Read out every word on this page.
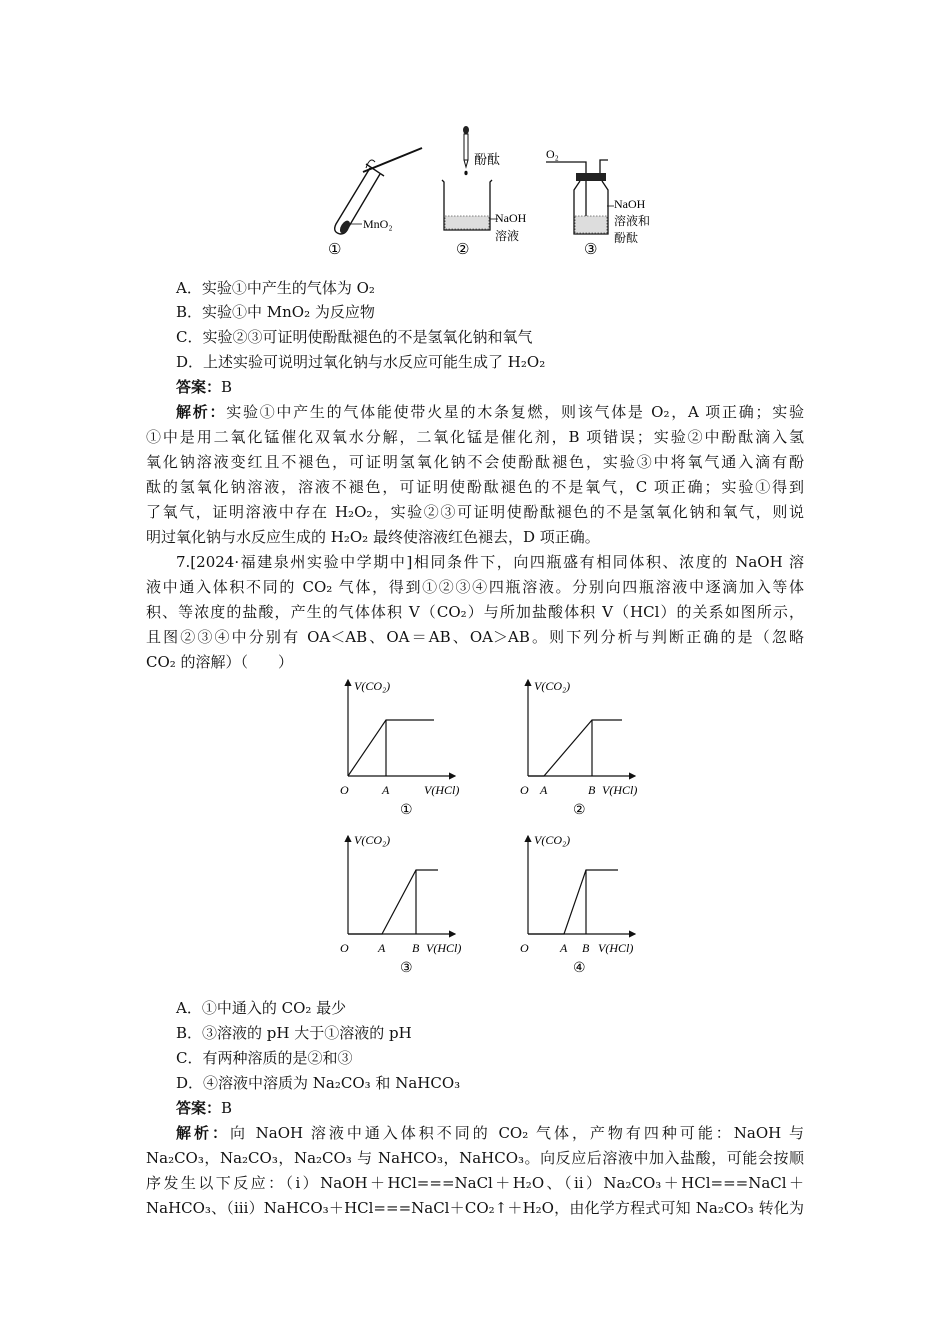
MnO₂
①
酚酞
NaOH
溶液
②
O₂
NaOH
溶液和
酚酞
③
A．实验①中产生的气体为 O₂
B．实验①中 MnO₂ 为反应物
C．实验②③可证明使酚酞褪色的不是氢氧化钠和氧气
D．上述实验可说明过氧化钠与水反应可能生成了 H₂O₂
答案：B
解析：实验①中产生的气体能使带火星的木条复燃，则该气体是 O₂，A 项正确；实验
①中是用二氧化锰催化双氧水分解，二氧化锰是催化剂，B 项错误；实验②中酚酞滴入氢
氧化钠溶液变红且不褪色，可证明氢氧化钠不会使酚酞褪色，实验③中将氧气通入滴有酚
酞的氢氧化钠溶液，溶液不褪色，可证明使酚酞褪色的不是氧气，C 项正确；实验①得到
了氧气，证明溶液中存在 H₂O₂，实验②③可证明使酚酞褪色的不是氢氧化钠和氧气，则说
明过氧化钠与水反应生成的 H₂O₂ 最终使溶液红色褪去，D 项正确。
7.[2024·福建泉州实验中学期中]相同条件下，向四瓶盛有相同体积、浓度的 NaOH 溶
液中通入体积不同的 CO₂ 气体，得到①②③④四瓶溶液。分别向四瓶溶液中逐滴加入等体
积、等浓度的盐酸，产生的气体体积 V（CO₂）与所加盐酸体积 V（HCl）的关系如图所示，
且图②③④中分别有 OA＜AB、OA＝AB、OA＞AB。则下列分析与判断正确的是（忽略
CO₂ 的溶解）（　　）
V(CO₂)
O	A	V(HCl)
①
V(CO₂)
O A	B V(HCl)
②
V(CO₂)
O A B V(HCl)
③
V(CO₂)
O	A B V(HCl)
④
A．①中通入的 CO₂ 最少
B．③溶液的 pH 大于①溶液的 pH
C．有两种溶质的是②和③
D．④溶液中溶质为 Na₂CO₃ 和 NaHCO₃
答案：B
解析：向 NaOH 溶液中通入体积不同的 CO₂ 气体，产物有四种可能：NaOH 与
Na₂CO₃，Na₂CO₃，Na₂CO₃ 与 NaHCO₃，NaHCO₃。向反应后溶液中加入盐酸，可能会按顺
序发生以下反应：（ⅰ）NaOH＋HCl===NaCl＋H₂O、（ⅱ）Na₂CO₃＋HCl===NaCl＋
NaHCO₃、（ⅲ）NaHCO₃＋HCl===NaCl＋CO₂↑＋H₂O，由化学方程式可知 Na₂CO₃ 转化为
